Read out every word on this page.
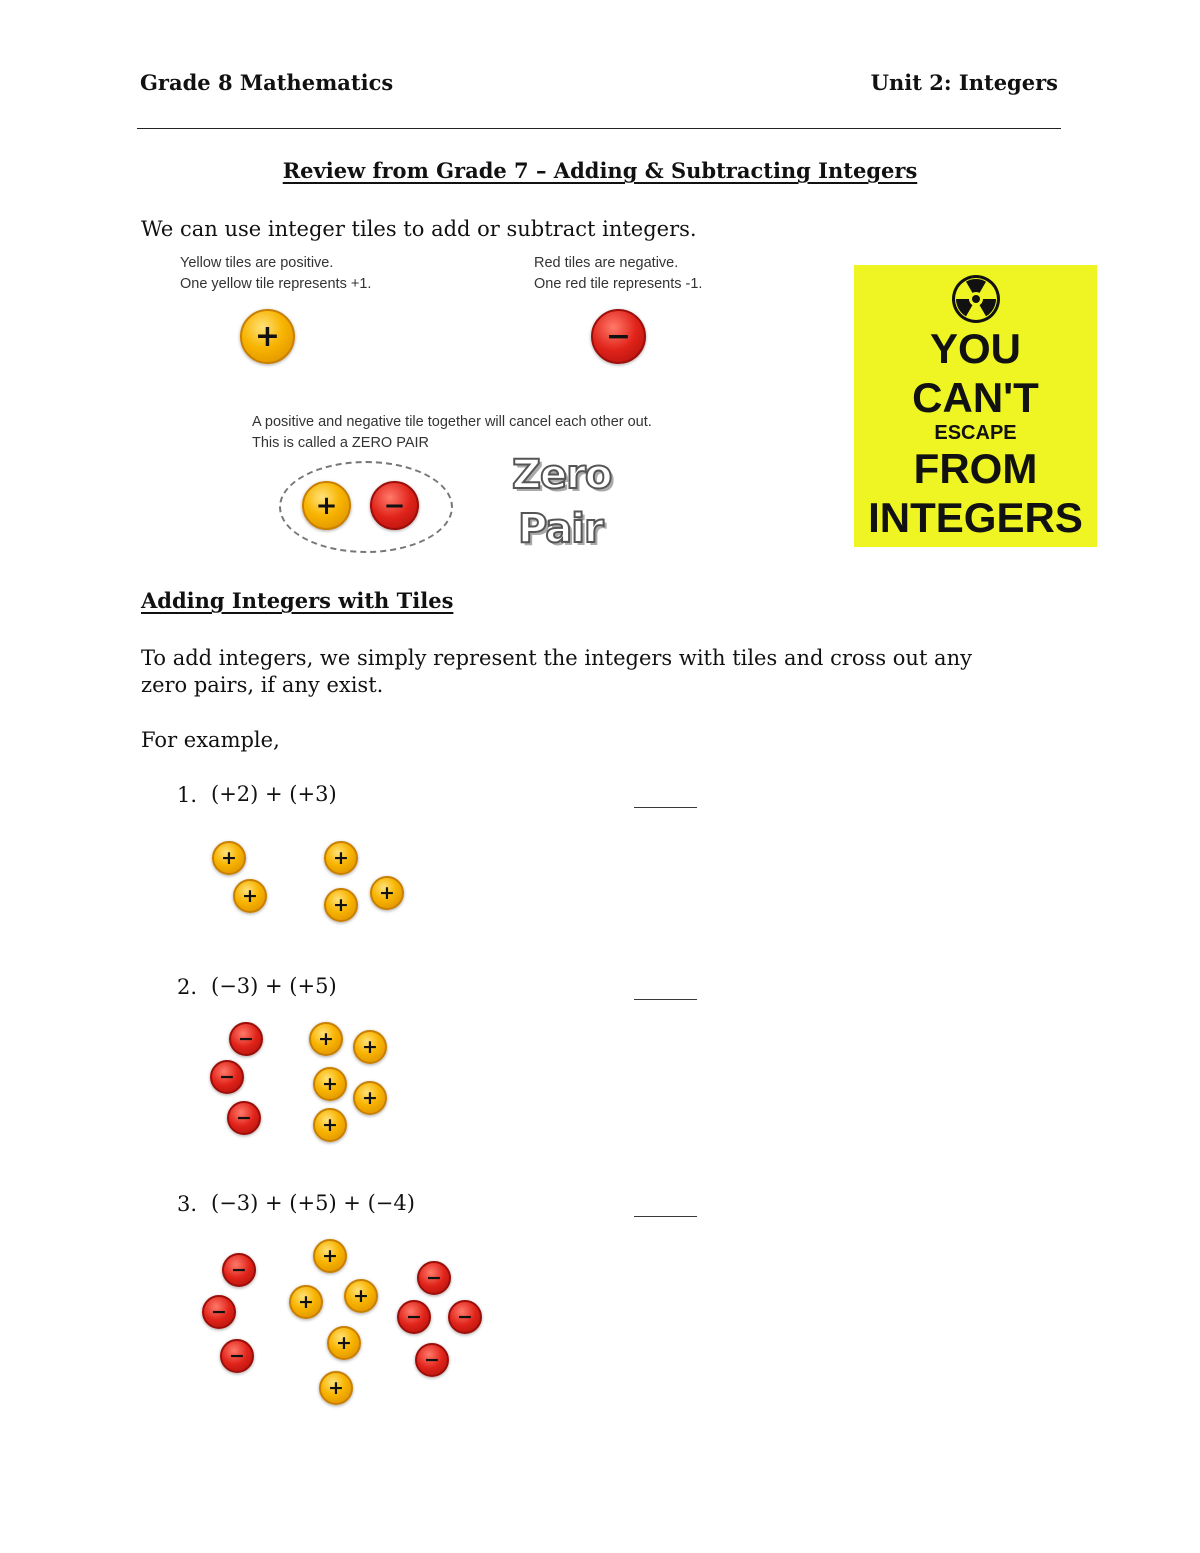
Grade 8 Mathematics	Unit 2: Integers
Review from Grade 7 – Adding & Subtracting Integers
We can use integer tiles to add or subtract integers.
Yellow tiles are positive.
One yellow tile represents +1.
Red tiles are negative.
One red tile represents -1.
+	−
A positive and negative tile together will cancel each other out.
This is called a ZERO PAIR
+	−
Zero
Pair
YOU
CAN'T
ESCAPE
FROM
INTEGERS
Adding Integers with Tiles
To add integers, we simply represent the integers with tiles and cross out any
zero pairs, if any exist.
For example,
1. (+2) + (+3)	______
2. (−3) + (+5)	______
3. (−3) + (+5) + (−4)	______
+
+
+
+
+
−
−
−
+	+
+
+
+
−
−
−
+
+	+
+
+
−
−	−
−
